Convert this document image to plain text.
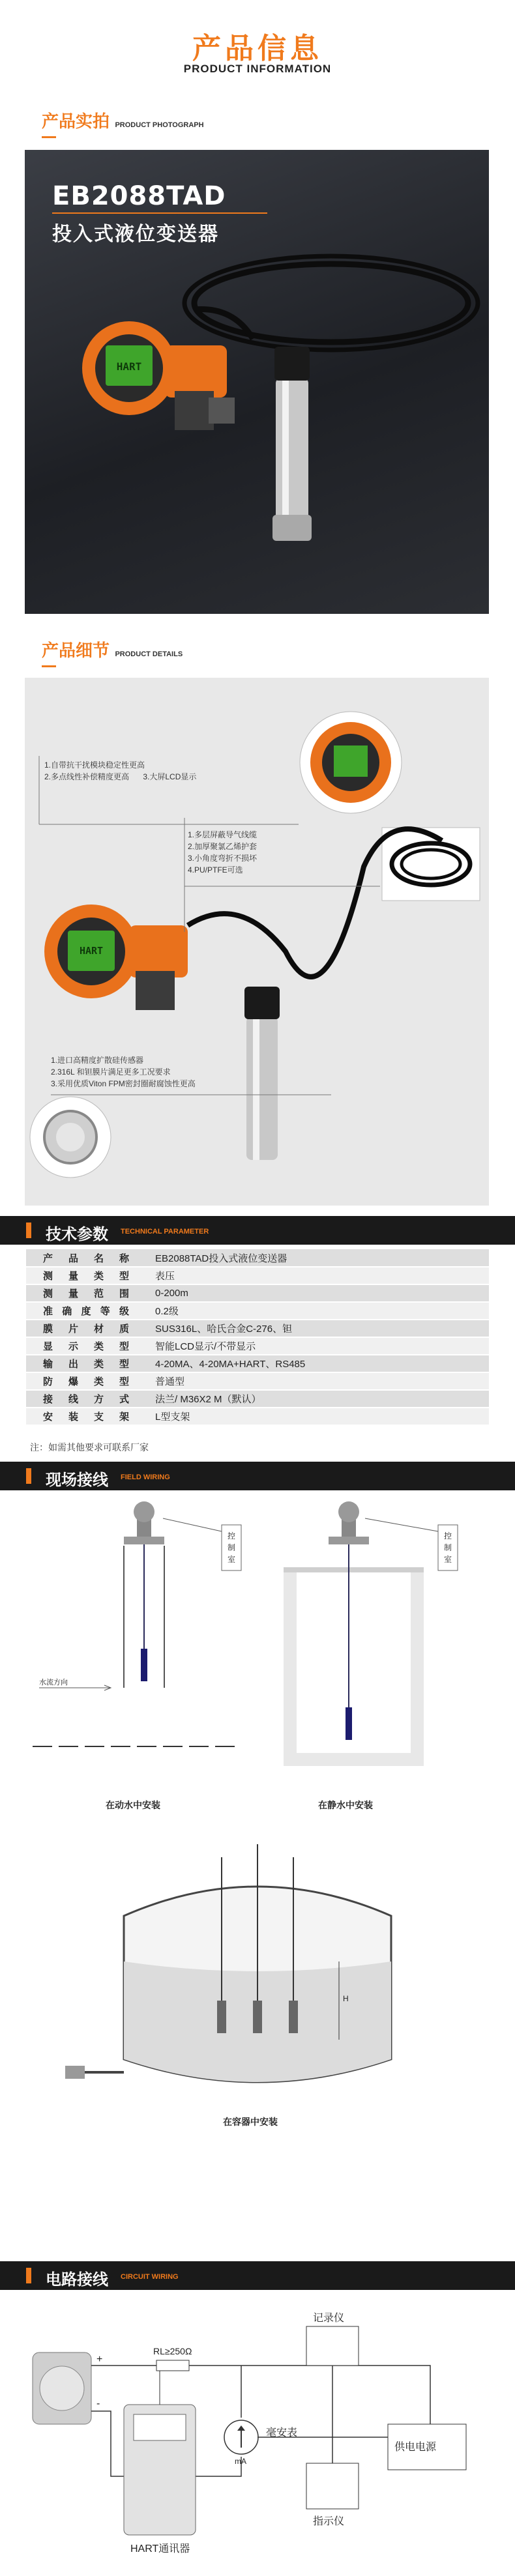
产品信息
PRODUCT INFORMATION
产品实拍 PRODUCT PHOTOGRAPH
EB2088TAD
投入式液位变送器
HART
产品细节 PRODUCT DETAILS
HART
1.自带抗干扰模块稳定性更高
2.多点线性补偿精度更高 3.大屏LCD显示
1.多层屏蔽导气线缆
2.加厚聚氯乙烯护套
3.小角度弯折不损坏
4.PU/PTFE可选
1.进口高精度扩散硅传感器
2.316L 和钽膜片满足更多工况要求
3.采用优质Viton FPM密封圈耐腐蚀性更高
技术参数 TECHNICAL PARAMETER
产品名称	EB2088TAD投入式液位变送器
测量类型	表压
测量范围	0-200m
准确度等级	0.2级
膜片材质	SUS316L、哈氏合金C-276、钽
显示类型	智能LCD显示/不带显示
输出类型	4-20MA、4-20MA+HART、RS485
防爆类型	普通型
接线方式	法兰/ M36X2 M（默认）
安装支架	L型支架
注：如需其他要求可联系厂家
现场接线 FIELD WIRING
控制室
控制室
水流方向
在动水中安装	在静水中安装
H
在容器中安装
电路接线 CIRCUIT WIRING
RL≥250Ω
记录仪
毫安表
mA
供电电源
指示仪
HART通讯器
+
-
